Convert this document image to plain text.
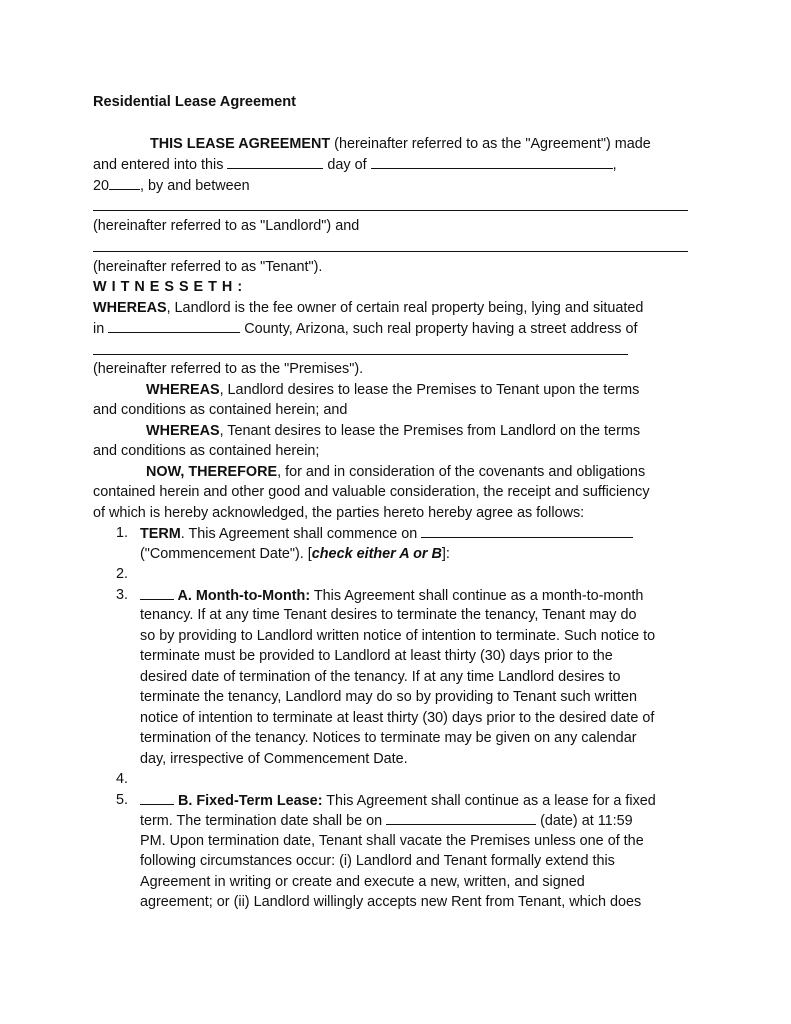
Residential Lease Agreement
THIS LEASE AGREEMENT (hereinafter referred to as the "Agreement") made
and entered into this	day of	,
20 , by and between
(hereinafter referred to as "Landlord") and
(hereinafter referred to as "Tenant").
W I T N E S S E T H :
WHEREAS, Landlord is the fee owner of certain real property being, lying and situated
in	County, Arizona, such real property having a street address of
(hereinafter referred to as the "Premises").
WHEREAS, Landlord desires to lease the Premises to Tenant upon the terms
and conditions as contained herein; and
WHEREAS, Tenant desires to lease the Premises from Landlord on the terms
and conditions as contained herein;
NOW, THEREFORE, for and in consideration of the covenants and obligations
contained herein and other good and valuable consideration, the receipt and sufficiency
of which is hereby acknowledged, the parties hereto hereby agree as follows:
1. TERM. This Agreement shall commence on
("Commencement Date"). [check either A or B]:
2.
3.	A. Month-to-Month: This Agreement shall continue as a month-to-month
tenancy. If at any time Tenant desires to terminate the tenancy, Tenant may do
so by providing to Landlord written notice of intention to terminate. Such notice to
terminate must be provided to Landlord at least thirty (30) days prior to the
desired date of termination of the tenancy. If at any time Landlord desires to
terminate the tenancy, Landlord may do so by providing to Tenant such written
notice of intention to terminate at least thirty (30) days prior to the desired date of
termination of the tenancy. Notices to terminate may be given on any calendar
day, irrespective of Commencement Date.
4.
5.	B. Fixed-Term Lease: This Agreement shall continue as a lease for a fixed
term. The termination date shall be on	(date) at 11:59
PM. Upon termination date, Tenant shall vacate the Premises unless one of the
following circumstances occur: (i) Landlord and Tenant formally extend this
Agreement in writing or create and execute a new, written, and signed
agreement; or (ii) Landlord willingly accepts new Rent from Tenant, which does
